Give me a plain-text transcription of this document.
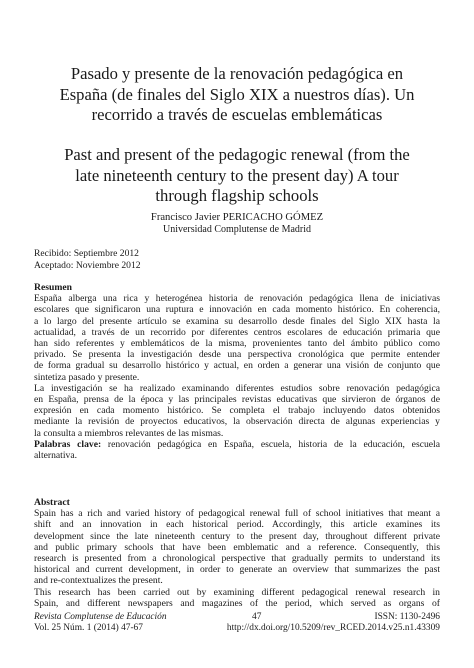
Pasado y presente de la renovación pedagógica en
España (de finales del Siglo XIX a nuestros días). Un
recorrido a través de escuelas emblemáticas
Past and present of the pedagogic renewal (from the
late nineteenth century to the present day) A tour
through flagship schools
Francisco Javier PERICACHO GÓMEZ
Universidad Complutense de Madrid
Recibido: Septiembre 2012
Aceptado: Noviembre 2012
Resumen
España alberga una rica y heterogénea historia de renovación pedagógica llena de iniciativas
escolares que significaron una ruptura e innovación en cada momento histórico. En coherencia,
a lo largo del presente artículo se examina su desarrollo desde finales del Siglo XIX hasta la
actualidad, a través de un recorrido por diferentes centros escolares de educación primaria que
han sido referentes y emblemáticos de la misma, provenientes tanto del ámbito público como
privado. Se presenta la investigación desde una perspectiva cronológica que permite entender
de forma gradual su desarrollo histórico y actual, en orden a generar una visión de conjunto que
sintetiza pasado y presente.
La investigación se ha realizado examinando diferentes estudios sobre renovación pedagógica
en España, prensa de la época y las principales revistas educativas que sirvieron de órganos de
expresión en cada momento histórico. Se completa el trabajo incluyendo datos obtenidos
mediante la revisión de proyectos educativos, la observación directa de algunas experiencias y
la consulta a miembros relevantes de las mismas.
Palabras clave: renovación pedagógica en España, escuela, historia de la educación, escuela
alternativa.
Abstract
Spain has a rich and varied history of pedagogical renewal full of school initiatives that meant a
shift and an innovation in each historical period. Accordingly, this article examines its
development since the late nineteenth century to the present day, throughout different private
and public primary schools that have been emblematic and a reference. Consequently, this
research is presented from a chronological perspective that gradually permits to understand its
historical and current development, in order to generate an overview that summarizes the past
and re-contextualizes the present.
This research has been carried out by examining different pedagogical renewal research in
Spain, and different newspapers and magazines of the period, which served as organs of
Revista Complutense de Educación	47	ISSN: 1130-2496
Vol. 25 Núm. 1 (2014) 47-67	http://dx.doi.org/10.5209/rev_RCED.2014.v25.n1.43309
